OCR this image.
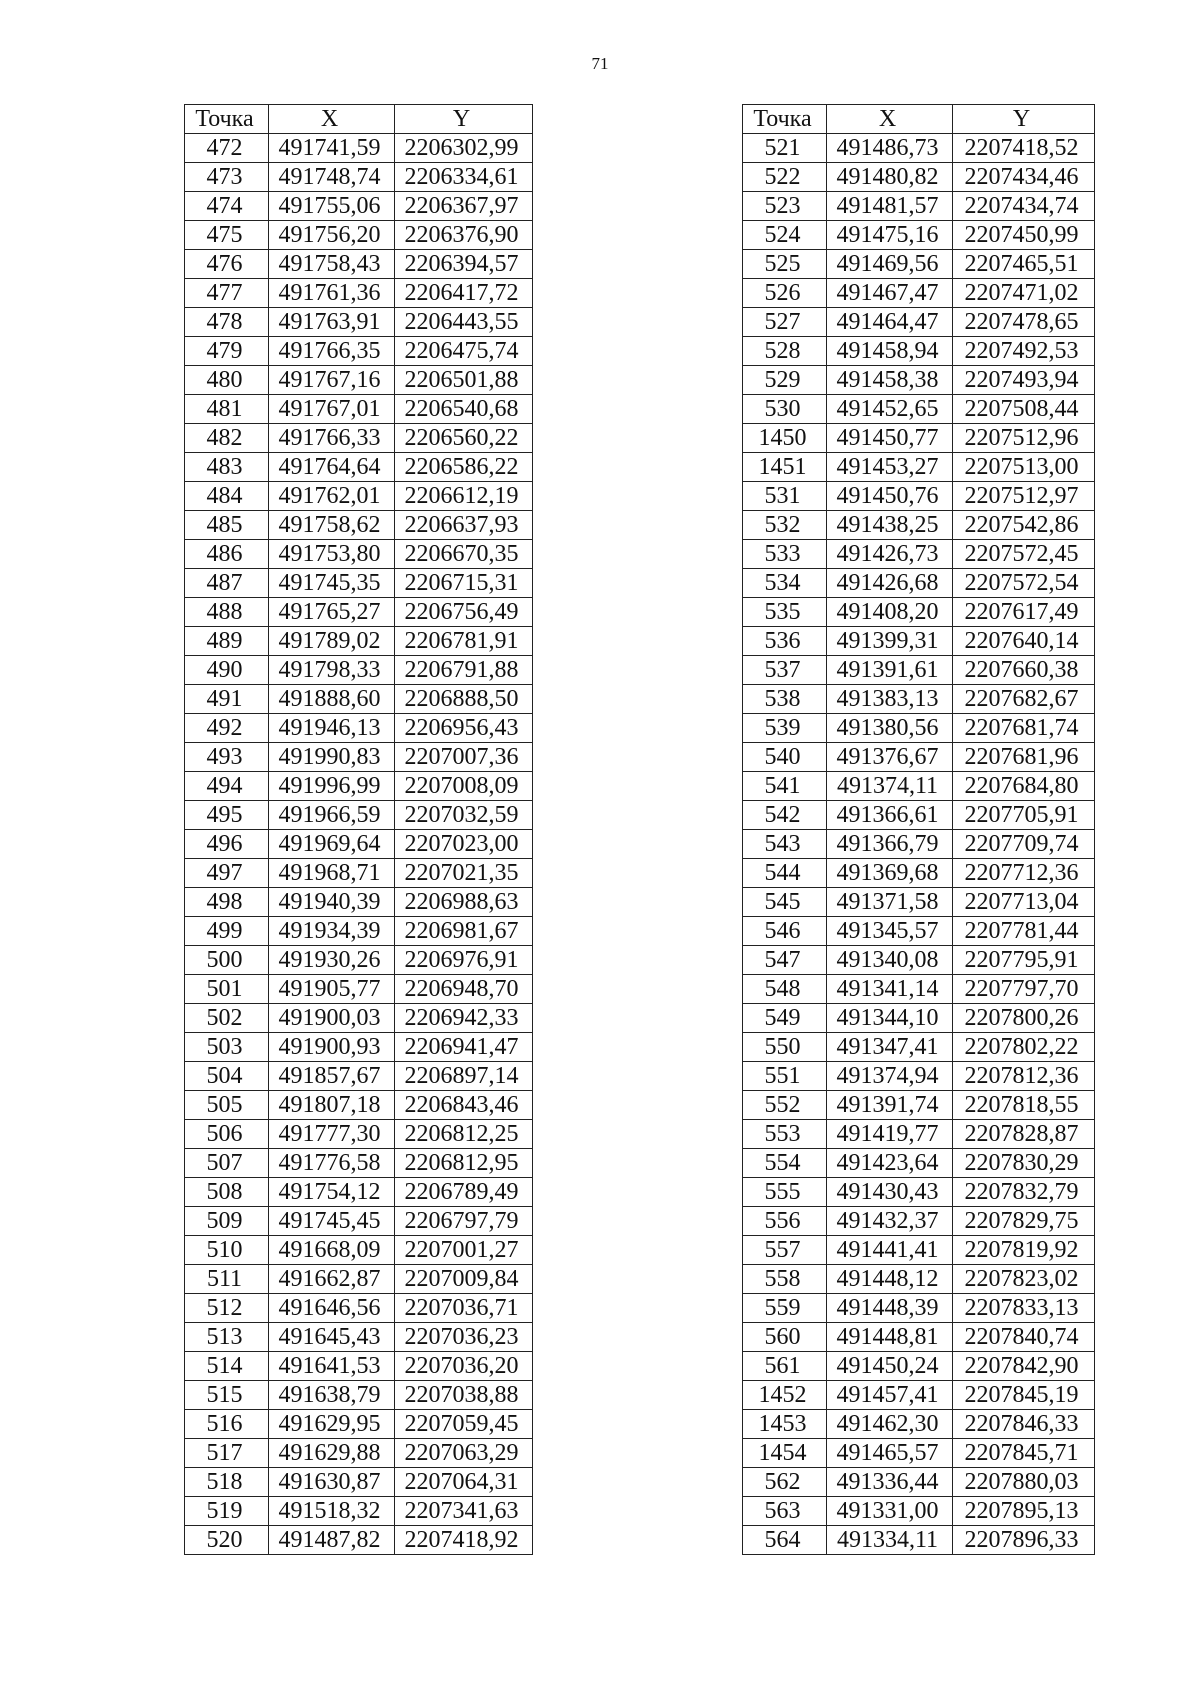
71
Точка	X	Y
472	491741,59	2206302,99
473	491748,74	2206334,61
474	491755,06	2206367,97
475	491756,20	2206376,90
476	491758,43	2206394,57
477	491761,36	2206417,72
478	491763,91	2206443,55
479	491766,35	2206475,74
480	491767,16	2206501,88
481	491767,01	2206540,68
482	491766,33	2206560,22
483	491764,64	2206586,22
484	491762,01	2206612,19
485	491758,62	2206637,93
486	491753,80	2206670,35
487	491745,35	2206715,31
488	491765,27	2206756,49
489	491789,02	2206781,91
490	491798,33	2206791,88
491	491888,60	2206888,50
492	491946,13	2206956,43
493	491990,83	2207007,36
494	491996,99	2207008,09
495	491966,59	2207032,59
496	491969,64	2207023,00
497	491968,71	2207021,35
498	491940,39	2206988,63
499	491934,39	2206981,67
500	491930,26	2206976,91
501	491905,77	2206948,70
502	491900,03	2206942,33
503	491900,93	2206941,47
504	491857,67	2206897,14
505	491807,18	2206843,46
506	491777,30	2206812,25
507	491776,58	2206812,95
508	491754,12	2206789,49
509	491745,45	2206797,79
510	491668,09	2207001,27
511	491662,87	2207009,84
512	491646,56	2207036,71
513	491645,43	2207036,23
514	491641,53	2207036,20
515	491638,79	2207038,88
516	491629,95	2207059,45
517	491629,88	2207063,29
518	491630,87	2207064,31
519	491518,32	2207341,63
520	491487,82	2207418,92
Точка	X	Y
521	491486,73	2207418,52
522	491480,82	2207434,46
523	491481,57	2207434,74
524	491475,16	2207450,99
525	491469,56	2207465,51
526	491467,47	2207471,02
527	491464,47	2207478,65
528	491458,94	2207492,53
529	491458,38	2207493,94
530	491452,65	2207508,44
1450	491450,77	2207512,96
1451	491453,27	2207513,00
531	491450,76	2207512,97
532	491438,25	2207542,86
533	491426,73	2207572,45
534	491426,68	2207572,54
535	491408,20	2207617,49
536	491399,31	2207640,14
537	491391,61	2207660,38
538	491383,13	2207682,67
539	491380,56	2207681,74
540	491376,67	2207681,96
541	491374,11	2207684,80
542	491366,61	2207705,91
543	491366,79	2207709,74
544	491369,68	2207712,36
545	491371,58	2207713,04
546	491345,57	2207781,44
547	491340,08	2207795,91
548	491341,14	2207797,70
549	491344,10	2207800,26
550	491347,41	2207802,22
551	491374,94	2207812,36
552	491391,74	2207818,55
553	491419,77	2207828,87
554	491423,64	2207830,29
555	491430,43	2207832,79
556	491432,37	2207829,75
557	491441,41	2207819,92
558	491448,12	2207823,02
559	491448,39	2207833,13
560	491448,81	2207840,74
561	491450,24	2207842,90
1452	491457,41	2207845,19
1453	491462,30	2207846,33
1454	491465,57	2207845,71
562	491336,44	2207880,03
563	491331,00	2207895,13
564	491334,11	2207896,33
